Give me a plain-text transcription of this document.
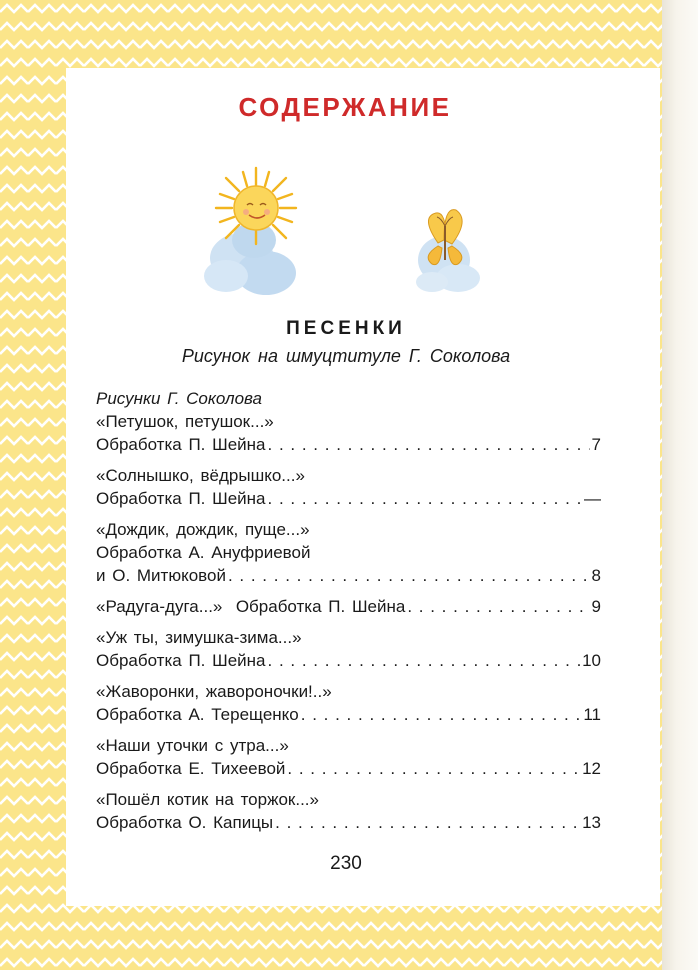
СОДЕРЖАНИЕ
ПЕСЕНКИ
Рисунок на шмуцтитуле Г. Соколова
Рисунки Г. Соколова
«Петушок, петушок...»
Обработка П. Шейна . . .	7
«Солнышко, вёдрышко...»
Обработка П. Шейна . . .	—
«Дождик, дождик, пуще...»
Обработка А. Ануфриевой
и О. Митюковой . . .	8
«Радуга-дуга...» Обработка П. Шейна . . .	9
«Уж ты, зимушка-зима...»
Обработка П. Шейна . . .	10
«Жаворонки, жавороночки!..»
Обработка А. Терещенко . . .	11
«Наши уточки с утра...»
Обработка Е. Тихеевой . . .	12
«Пошёл котик на торжок...»
Обработка О. Капицы . . .	13
230
